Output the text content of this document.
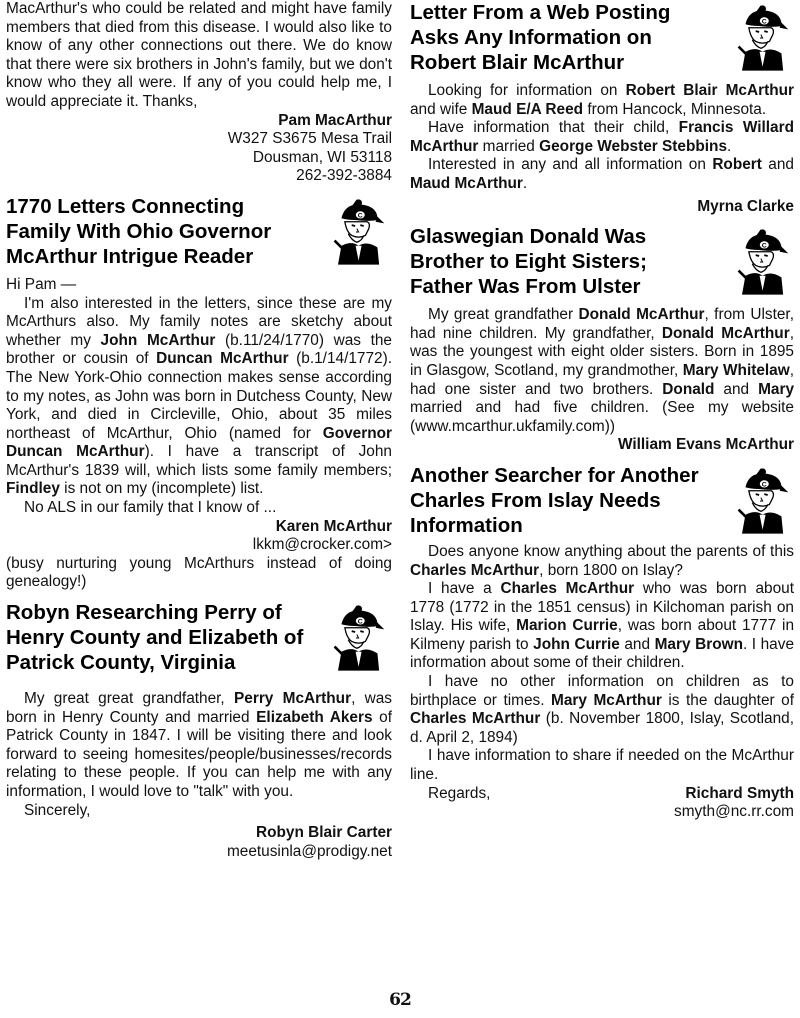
MacArthur's who could be related and might have family members that died from this disease. I would also like to know of any other connections out there. We do know that there were six brothers in John's family, but we don't know who they all were. If any of you could help me, I would appreciate it. Thanks,

Pam MacArthur

W327 S3675 Mesa Trail

Dousman, WI 53118

262-392-3884

1770 Letters Connecting Family With Ohio Governor McArthur Intrigue Reader

Hi Pam —

I'm also interested in the letters, since these are my McArthurs also. My family notes are sketchy about whether my John McArthur (b.11/24/1770) was the brother or cousin of Duncan McArthur (b.1/14/1772). The New York-Ohio connection makes sense according to my notes, as John was born in Dutchess County, New York, and died in Circleville, Ohio, about 35 miles northeast of McArthur, Ohio (named for Governor Duncan McArthur). I have a transcript of John McArthur's 1839 will, which lists some family members; Findley is not on my (incomplete) list.

No ALS in our family that I know of ...

Karen McArthur

lkkm@crocker.com>

(busy nurturing young McArthurs instead of doing genealogy!)

Robyn Researching Perry of Henry County and Elizabeth of Patrick County, Virginia

My great great grandfather, Perry McArthur, was born in Henry County and married Elizabeth Akers of Patrick County in 1847. I will be visiting there and look forward to seeing homesites/people/businesses/records relating to these people. If you can help me with any information, I would love to "talk" with you.

Sincerely,

Robyn Blair Carter

meetusinla@prodigy.net

Letter From a Web Posting Asks Any Information on Robert Blair McArthur

Looking for information on Robert Blair McArthur and wife Maud E/A Reed from Hancock, Minnesota.

Have information that their child, Francis Willard McArthur married George Webster Stebbins.

Interested in any and all information on Robert and Maud McArthur.

Myrna Clarke

Glaswegian Donald Was Brother to Eight Sisters; Father Was From Ulster

My great grandfather Donald McArthur, from Ulster, had nine children. My grandfather, Donald McArthur, was the youngest with eight older sisters. Born in 1895 in Glasgow, Scotland, my grandmother, Mary Whitelaw, had one sister and two brothers. Donald and Mary married and had five children. (See my website (www.mcarthur.ukfamily.com))

William Evans McArthur

Another Searcher for Another Charles From Islay Needs Information

Does anyone know anything about the parents of this Charles McArthur, born 1800 on Islay?

I have a Charles McArthur who was born about 1778 (1772 in the 1851 census) in Kilchoman parish on Islay. His wife, Marion Currie, was born about 1777 in Kilmeny parish to John Currie and Mary Brown. I have information about some of their children.

I have no other information on children as to birthplace or times. Mary McArthur is the daughter of Charles McArthur (b. November 1800, Islay, Scotland, d. April 2, 1894)

I have information to share if needed on the McArthur line.

Regards,	Richard Smyth

smyth@nc.rr.com

62
